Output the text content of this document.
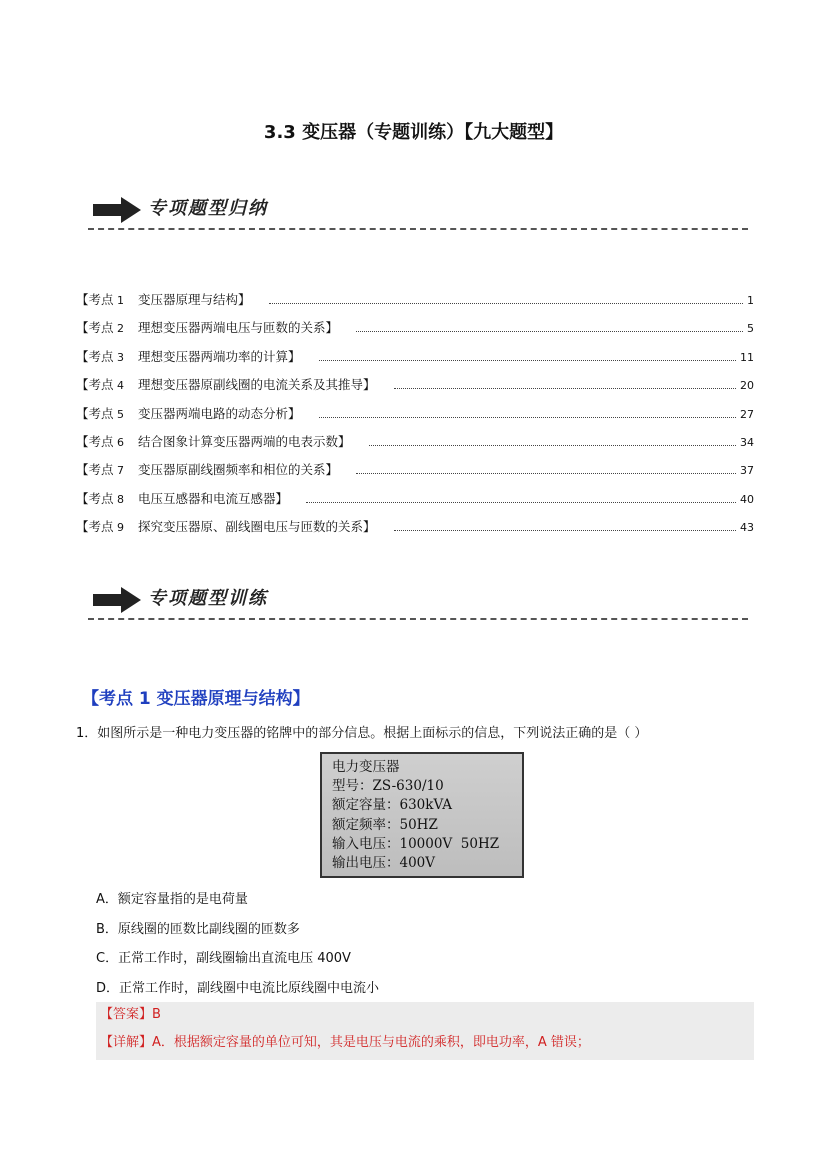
3.3 变压器（专题训练）【九大题型】
专项题型归纳
【考点 1    变压器原理与结构】	1
【考点 2    理想变压器两端电压与匝数的关系】	5
【考点 3    理想变压器两端功率的计算】	11
【考点 4    理想变压器原副线圈的电流关系及其推导】	20
【考点 5    变压器两端电路的动态分析】	27
【考点 6    结合图象计算变压器两端的电表示数】	34
【考点 7    变压器原副线圈频率和相位的关系】	37
【考点 8    电压互感器和电流互感器】	40
【考点 9    探究变压器原、副线圈电压与匝数的关系】	43
专项题型训练
【考点 1 变压器原理与结构】
1．如图所示是一种电力变压器的铭牌中的部分信息。根据上面标示的信息，下列说法正确的是（ ）
电力变压器
型号：ZS-630/10
额定容量：630kVA
额定频率：50HZ
输入电压：10000V  50HZ
输出电压：400V
A．额定容量指的是电荷量
B．原线圈的匝数比副线圈的匝数多
C．正常工作时，副线圈输出直流电压 400V
D．正常工作时，副线圈中电流比原线圈中电流小
【答案】B
【详解】A．根据额定容量的单位可知，其是电压与电流的乘积，即电功率，A 错误；
